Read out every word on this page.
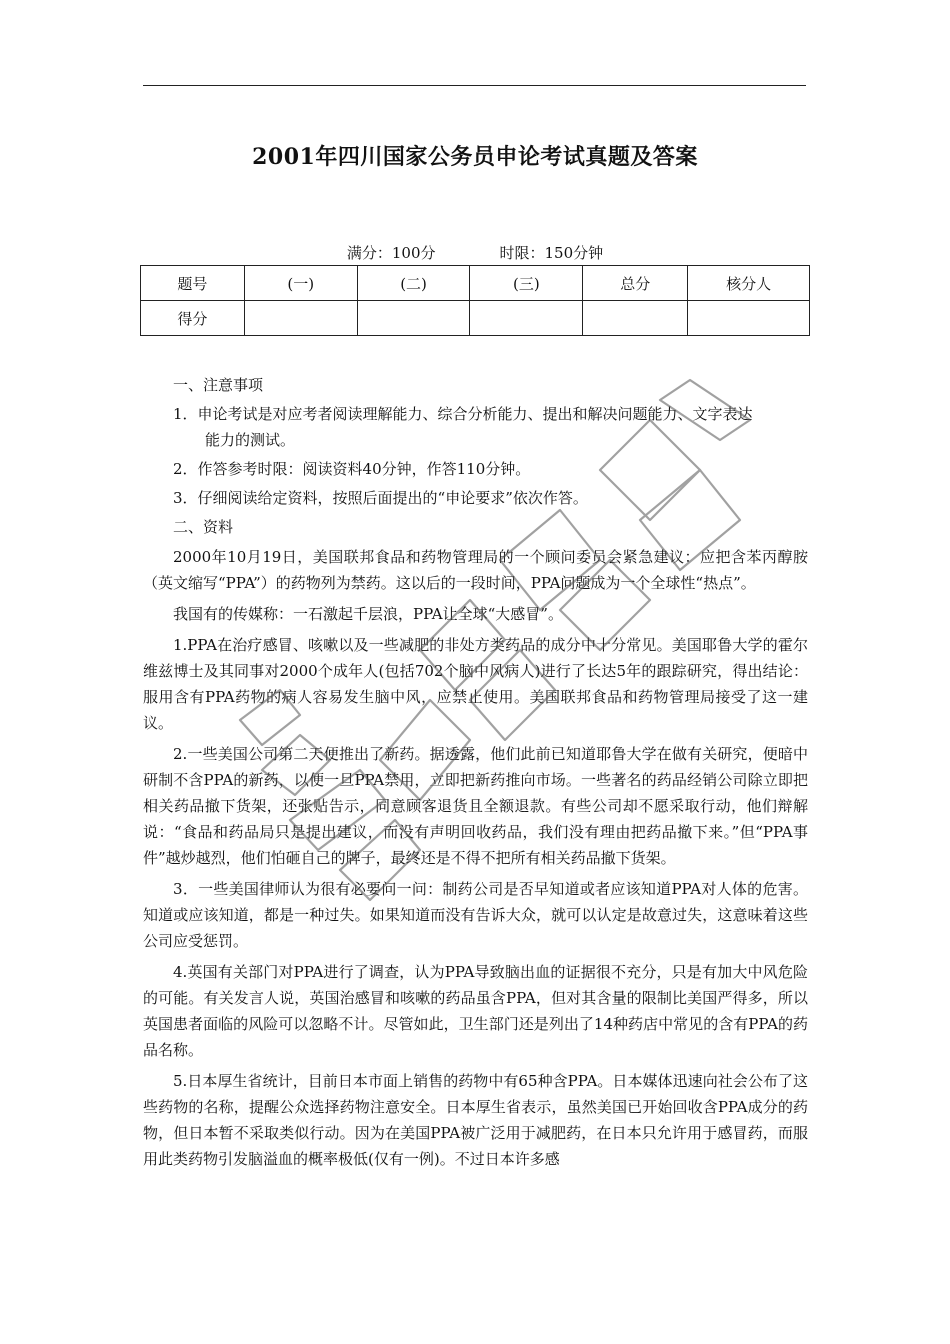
2001年四川国家公务员申论考试真题及答案
满分：100分	时限：150分钟
题号	(一)	(二)	(三)	总分	核分人
得分					

一、注意事项

1．申论考试是对应考者阅读理解能力、综合分析能力、提出和解决问题能力、文字表达

能力的测试。

2．作答参考时限：阅读资料40分钟，作答110分钟。

3．仔细阅读给定资料，按照后面提出的“申论要求”依次作答。

二、资料

2000年10月19日，美国联邦食品和药物管理局的一个顾问委员会紧急建议：应把含苯丙醇胺（英文缩写“PPA”）的药物列为禁药。这以后的一段时间，PPA问题成为一个全球性“热点”。

我国有的传媒称：一石激起千层浪，PPA让全球“大感冒”。

1.PPA在治疗感冒、咳嗽以及一些减肥的非处方类药品的成分中十分常见。美国耶鲁大学的霍尔维兹博士及其同事对2000个成年人(包括702个脑中风病人)进行了长达5年的跟踪研究，得出结论：服用含有PPA药物的病人容易发生脑中风，应禁止使用。美国联邦食品和药物管理局接受了这一建议。

2.一些美国公司第二天便推出了新药。据透露，他们此前已知道耶鲁大学在做有关研究，便暗中研制不含PPA的新药，以便一旦PPA禁用，立即把新药推向市场。一些著名的药品经销公司除立即把相关药品撤下货架，还张贴告示，同意顾客退货且全额退款。有些公司却不愿采取行动，他们辩解说：“食品和药品局只是提出建议，而没有声明回收药品，我们没有理由把药品撤下来。”但“PPA事件”越炒越烈，他们怕砸自己的牌子，最终还是不得不把所有相关药品撤下货架。

3．一些美国律师认为很有必要问一问：制药公司是否早知道或者应该知道PPA对人体的危害。知道或应该知道，都是一种过失。如果知道而没有告诉大众，就可以认定是故意过失，这意味着这些公司应受惩罚。

4.英国有关部门对PPA进行了调查，认为PPA导致脑出血的证据很不充分，只是有加大中风危险的可能。有关发言人说，英国治感冒和咳嗽的药品虽含PPA，但对其含量的限制比美国严得多，所以英国患者面临的风险可以忽略不计。尽管如此，卫生部门还是列出了14种药店中常见的含有PPA的药品名称。

5.日本厚生省统计，目前日本市面上销售的药物中有65种含PPA。日本媒体迅速向社会公布了这些药物的名称，提醒公众选择药物注意安全。日本厚生省表示，虽然美国已开始回收含PPA成分的药物，但日本暂不采取类似行动。因为在美国PPA被广泛用于减肥药，在日本只允许用于感冒药，而服用此类药物引发脑溢血的概率极低(仅有一例)。不过日本许多感
